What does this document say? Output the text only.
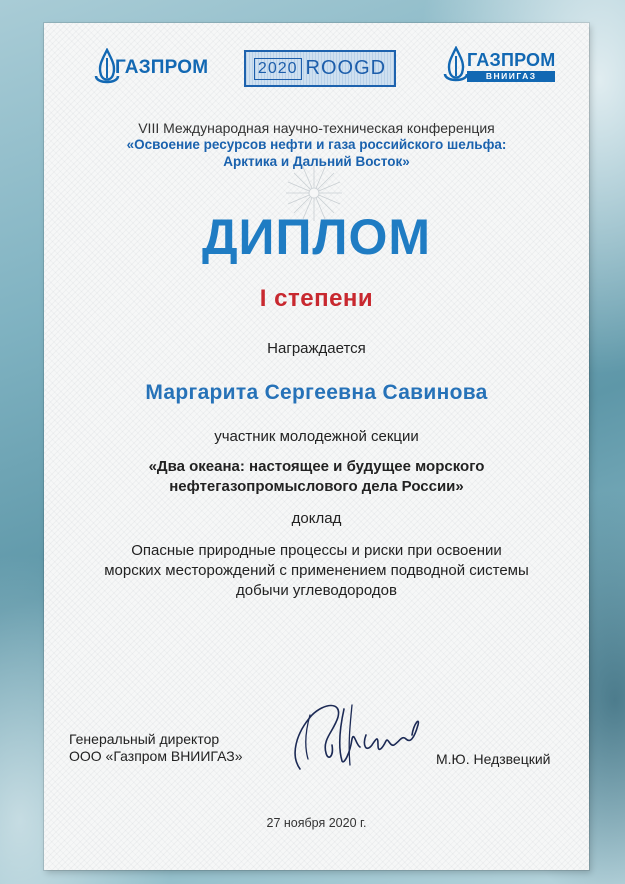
ГАЗПРОМ	2020 ROOGD	ГАЗПРОМ
ВНИИГАЗ
VIII Международная научно-техническая конференция
«Освоение ресурсов нефти и газа российского шельфа:
Арктика и Дальний Восток»
ДИПЛОМ
I степени
Награждается
Маргарита Сергеевна Савинова
участник молодежной секции
«Два океана: настоящее и будущее морского
нефтегазопромыслового дела России»
доклад
Опасные природные процессы и риски при освоении
морских месторождений с применением подводной системы
добычи углеводородов
Генеральный директор
ООО «Газпром ВНИИГАЗ»	М.Ю. Недзвецкий
27 ноября 2020 г.
